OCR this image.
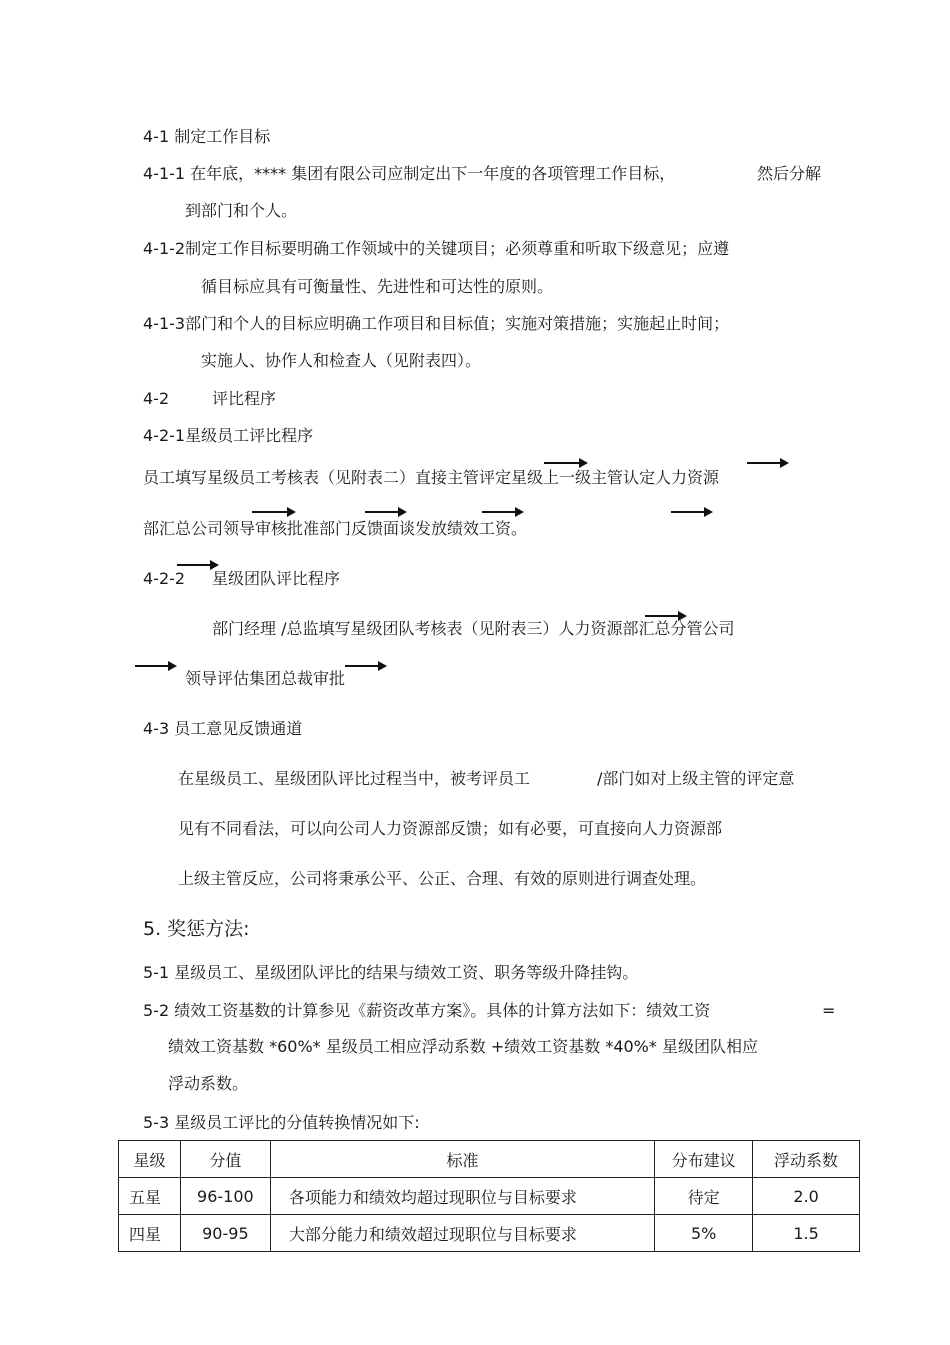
4-1 制定工作目标
4-1-1 在年底，**** 集团有限公司应制定出下一年度的各项管理工作目标，	然后分解
到部门和个人。
4-1-2制定工作目标要明确工作领域中的关键项目；必须尊重和听取下级意见；应遵
循目标应具有可衡量性、先进性和可达性的原则。
4-1-3部门和个人的目标应明确工作项目和目标值；实施对策措施；实施起止时间；
实施人、协作人和检查人（见附表四）。
4-2	评比程序
4-2-1星级员工评比程序
员工填写星级员工考核表（见附表二）直接主管评定星级上一级主管认定人力资源
部汇总公司领导审核批准部门反馈面谈发放绩效工资。
4-2-2 星级团队评比程序
部门经理 /总监填写星级团队考核表（见附表三）人力资源部汇总分管公司
领导评估集团总裁审批
4-3 员工意见反馈通道
在星级员工、星级团队评比过程当中，被考评员工	/部门如对上级主管的评定意
见有不同看法，可以向公司人力资源部反馈；如有必要，可直接向人力资源部
上级主管反应，公司将秉承公平、公正、合理、有效的原则进行调查处理。
5. 奖惩方法:
5-1 星级员工、星级团队评比的结果与绩效工资、职务等级升降挂钩。
5-2 绩效工资基数的计算参见《薪资改革方案》。具体的计算方法如下：绩效工资	=
绩效工资基数 *60%* 星级员工相应浮动系数 +绩效工资基数 *40%* 星级团队相应
浮动系数。
5-3 星级员工评比的分值转换情况如下:
星级	分值	标准	分布建议	浮动系数
五星	96-100	各项能力和绩效均超过现职位与目标要求	待定	2.0
四星	90-95	大部分能力和绩效超过现职位与目标要求	5%	1.5
